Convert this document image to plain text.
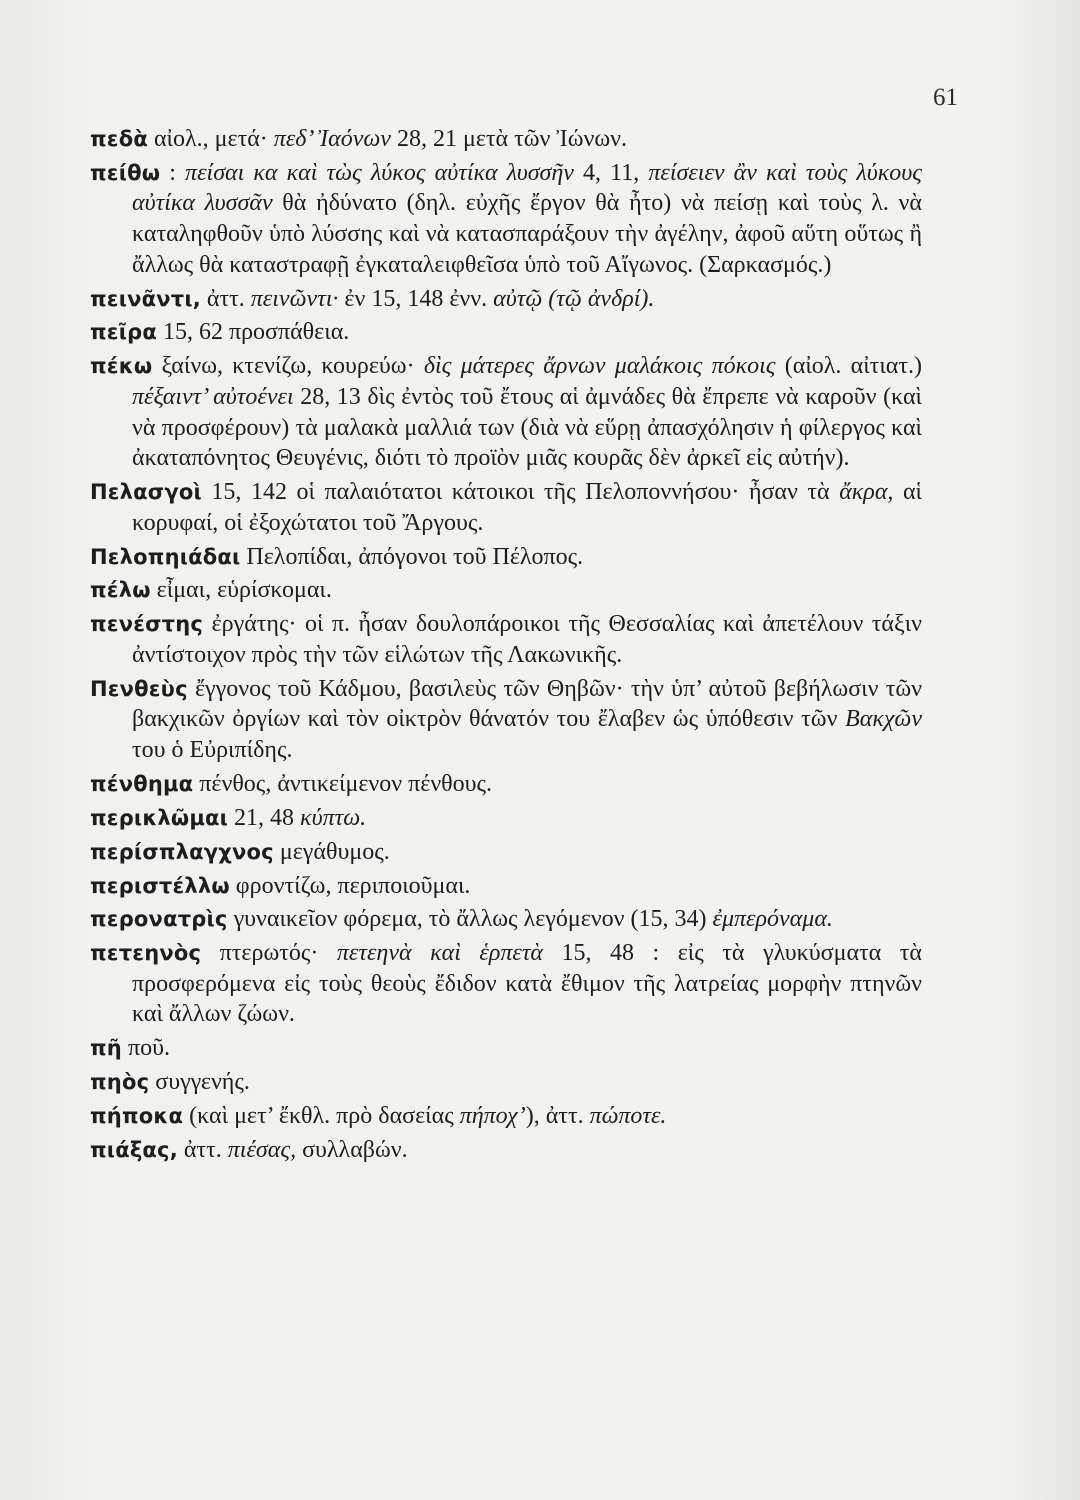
61

πεδὰ αἰολ., μετά· πεδ’ Ἰαόνων 28, 21 μετὰ τῶν Ἰώνων.

πείθω : πείσαι κα καὶ τὼς λύκος αὐτίκα λυσσῆν 4, 11, πείσειεν ἂν καὶ τοὺς λύκους αὐτίκα λυσσᾶν θὰ ἠδύνατο (δηλ. εὐχῆς ἔργον θὰ ἦτο) νὰ πείσῃ καὶ τοὺς λ. νὰ καταληφθοῦν ὑπὸ λύσσης καὶ νὰ κατασπαράξουν τὴν ἀγέλην, ἀφοῦ αὕτη οὕτως ἢ ἄλλως θὰ καταστραφῇ ἐγκαταλειφθεῖσα ὑπὸ τοῦ Αἴγωνος. (Σαρκασμός.)

πεινᾶντι, ἀττ. πεινῶντι· ἐν 15, 148 ἐνν. αὐτῷ (τῷ ἀνδρί).

πεῖρα 15, 62 προσπάθεια.

πέκω ξαίνω, κτενίζω, κουρεύω· δὶς μάτερες ἄρνων μαλάκοις πόκοις (αἰολ. αἰτιατ.) πέξαιντ’ αὐτοένει 28, 13 δὶς ἐντὸς τοῦ ἔτους αἱ ἀμνάδες θὰ ἔπρεπε νὰ καροῦν (καὶ νὰ προσφέρουν) τὰ μαλακὰ μαλλιά των (διὰ νὰ εὕρῃ ἀπασχόλησιν ἡ φίλεργος καὶ ἀκαταπόνητος Θευγένις, διότι τὸ προϊὸν μιᾶς κουρᾶς δὲν ἀρκεῖ εἰς αὐτήν).

Πελασγοὶ 15, 142 οἱ παλαιότατοι κάτοικοι τῆς Πελοποννήσου· ἦσαν τὰ ἄκρα, αἱ κορυφαί, οἱ ἐξοχώτατοι τοῦ Ἄργους.

Πελοπηιάδαι Πελοπίδαι, ἀπόγονοι τοῦ Πέλοπος.

πέλω εἶμαι, εὑρίσκομαι.

πενέστης ἐργάτης· οἱ π. ἦσαν δουλοπάροικοι τῆς Θεσσαλίας καὶ ἀπετέλουν τάξιν ἀντίστοιχον πρὸς τὴν τῶν εἱλώτων τῆς Λακωνικῆς.

Πενθεὺς ἔγγονος τοῦ Κάδμου, βασιλεὺς τῶν Θηβῶν· τὴν ὑπ’ αὐτοῦ βεβήλωσιν τῶν βακχικῶν ὀργίων καὶ τὸν οἰκτρὸν θάνατόν του ἔλαβεν ὡς ὑπόθεσιν τῶν Βακχῶν του ὁ Εὐριπίδης.

πένθημα πένθος, ἀντικείμενον πένθους.

περικλῶμαι 21, 48 κύπτω.

περίσπλαγχνος μεγάθυμος.

περιστέλλω φροντίζω, περιποιοῦμαι.

περονατρὶς γυναικεῖον φόρεμα, τὸ ἄλλως λεγόμενον (15, 34) ἐμπερόναμα.

πετεηνὸς πτερωτός· πετεηνὰ καὶ ἑρπετὰ 15, 48 : εἰς τὰ γλυκύσματα τὰ προσφερόμενα εἰς τοὺς θεοὺς ἔδιδον κατὰ ἔθιμον τῆς λατρείας μορφὴν πτηνῶν καὶ ἄλλων ζώων.

πῆ ποῦ.

πηὸς συγγενής.

πήποκα (καὶ μετ’ ἔκθλ. πρὸ δασείας πήποχ’), ἀττ. πώποτε.

πιάξας, ἀττ. πιέσας, συλλαβών.
